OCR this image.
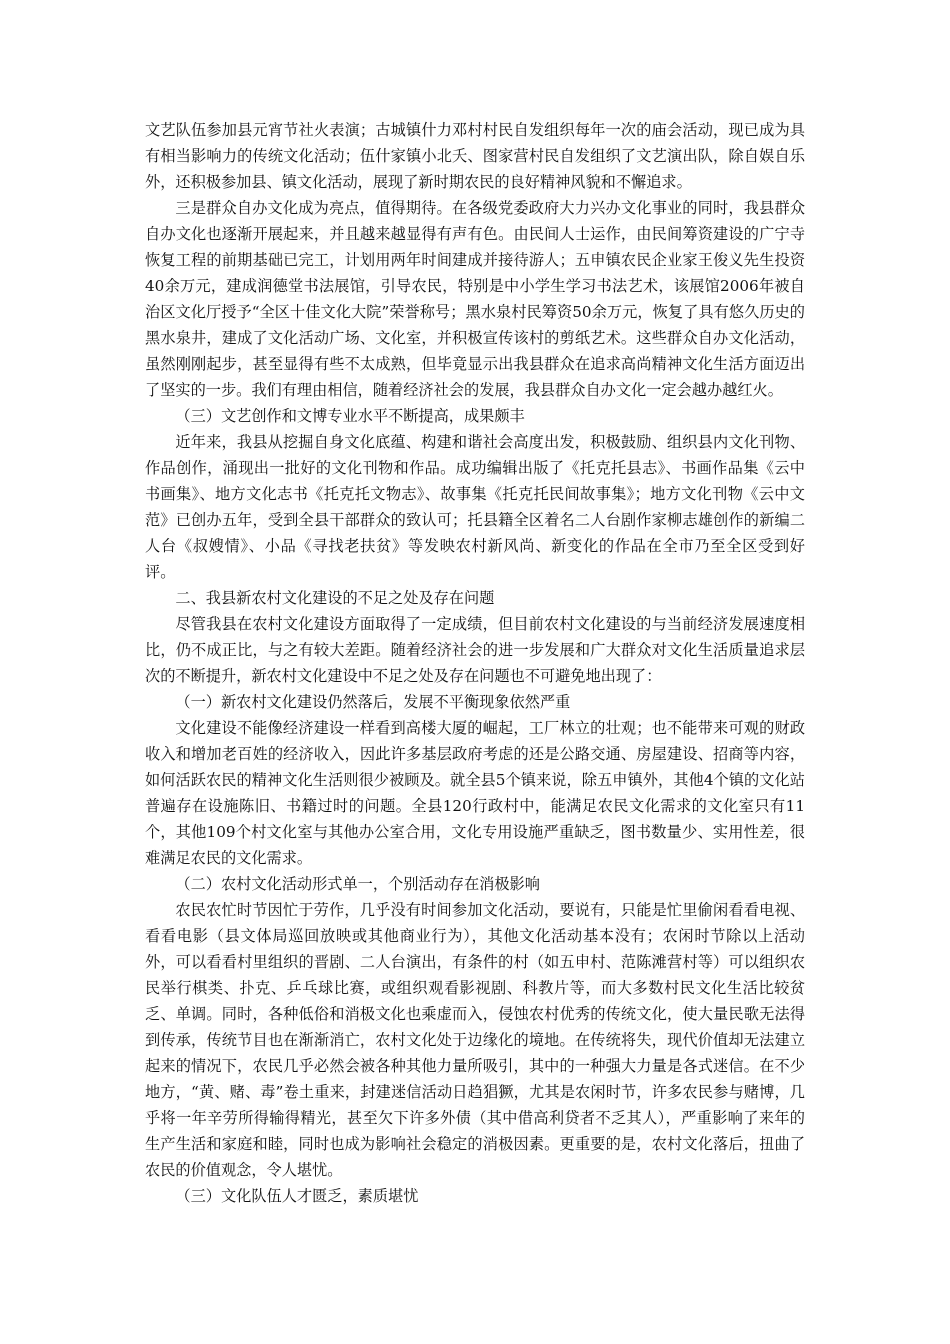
文艺队伍参加县元宵节社火表演；古城镇什力邓村村民自发组织每年一次的庙会活动，现已成为具有相当影响力的传统文化活动；伍什家镇小北夭、图家营村民自发组织了文艺演出队，除自娱自乐外，还积极参加县、镇文化活动，展现了新时期农民的良好精神风貌和不懈追求。

三是群众自办文化成为亮点，值得期待。在各级党委政府大力兴办文化事业的同时，我县群众自办文化也逐渐开展起来，并且越来越显得有声有色。由民间人士运作，由民间筹资建设的广宁寺恢复工程的前期基础已完工，计划用两年时间建成并接待游人；五申镇农民企业家王俊义先生投资40余万元，建成润德堂书法展馆，引导农民，特别是中小学生学习书法艺术，该展馆2006年被自治区文化厅授予“全区十佳文化大院”荣誉称号；黑水泉村民筹资50余万元，恢复了具有悠久历史的黑水泉井，建成了文化活动广场、文化室，并积极宣传该村的剪纸艺术。这些群众自办文化活动，虽然刚刚起步，甚至显得有些不太成熟，但毕竟显示出我县群众在追求高尚精神文化生活方面迈出了坚实的一步。我们有理由相信，随着经济社会的发展，我县群众自办文化一定会越办越红火。

（三）文艺创作和文博专业水平不断提高，成果颇丰

近年来，我县从挖掘自身文化底蕴、构建和谐社会高度出发，积极鼓励、组织县内文化刊物、作品创作，涌现出一批好的文化刊物和作品。成功编辑出版了《托克托县志》、书画作品集《云中书画集》、地方文化志书《托克托文物志》、故事集《托克托民间故事集》；地方文化刊物《云中文范》已创办五年，受到全县干部群众的致认可；托县籍全区着名二人台剧作家柳志雄创作的新编二人台《叔嫂情》、小品《寻找老扶贫》等发映农村新风尚、新变化的作品在全市乃至全区受到好评。

二、我县新农村文化建设的不足之处及存在问题

尽管我县在农村文化建设方面取得了一定成绩，但目前农村文化建设的与当前经济发展速度相比，仍不成正比，与之有较大差距。随着经济社会的进一步发展和广大群众对文化生活质量追求层次的不断提升，新农村文化建设中不足之处及存在问题也不可避免地出现了：

（一）新农村文化建设仍然落后，发展不平衡现象依然严重

文化建设不能像经济建设一样看到高楼大厦的崛起，工厂林立的壮观；也不能带来可观的财政收入和增加老百姓的经济收入，因此许多基层政府考虑的还是公路交通、房屋建设、招商等内容，如何活跃农民的精神文化生活则很少被顾及。就全县5个镇来说，除五申镇外，其他4个镇的文化站普遍存在设施陈旧、书籍过时的问题。全县120行政村中，能满足农民文化需求的文化室只有11个，其他109个村文化室与其他办公室合用，文化专用设施严重缺乏，图书数量少、实用性差，很难满足农民的文化需求。

（二）农村文化活动形式单一，个别活动存在消极影响

农民农忙时节因忙于劳作，几乎没有时间参加文化活动，要说有，只能是忙里偷闲看看电视、看看电影（县文体局巡回放映或其他商业行为），其他文化活动基本没有；农闲时节除以上活动外，可以看看村里组织的晋剧、二人台演出，有条件的村（如五申村、范陈滩营村等）可以组织农民举行棋类、扑克、乒乓球比赛，或组织观看影视剧、科教片等，而大多数村民文化生活比较贫乏、单调。同时，各种低俗和消极文化也乘虚而入，侵蚀农村优秀的传统文化，使大量民歌无法得到传承，传统节目也在渐渐消亡，农村文化处于边缘化的境地。在传统将失，现代价值却无法建立起来的情况下，农民几乎必然会被各种其他力量所吸引，其中的一种强大力量是各式迷信。在不少地方，“黄、赌、毒”卷土重来，封建迷信活动日趋猖獗，尤其是农闲时节，许多农民参与赌博，几乎将一年辛劳所得输得精光，甚至欠下许多外债（其中借高利贷者不乏其人），严重影响了来年的生产生活和家庭和睦，同时也成为影响社会稳定的消极因素。更重要的是，农村文化落后，扭曲了农民的价值观念，令人堪忧。

（三）文化队伍人才匮乏，素质堪忧
